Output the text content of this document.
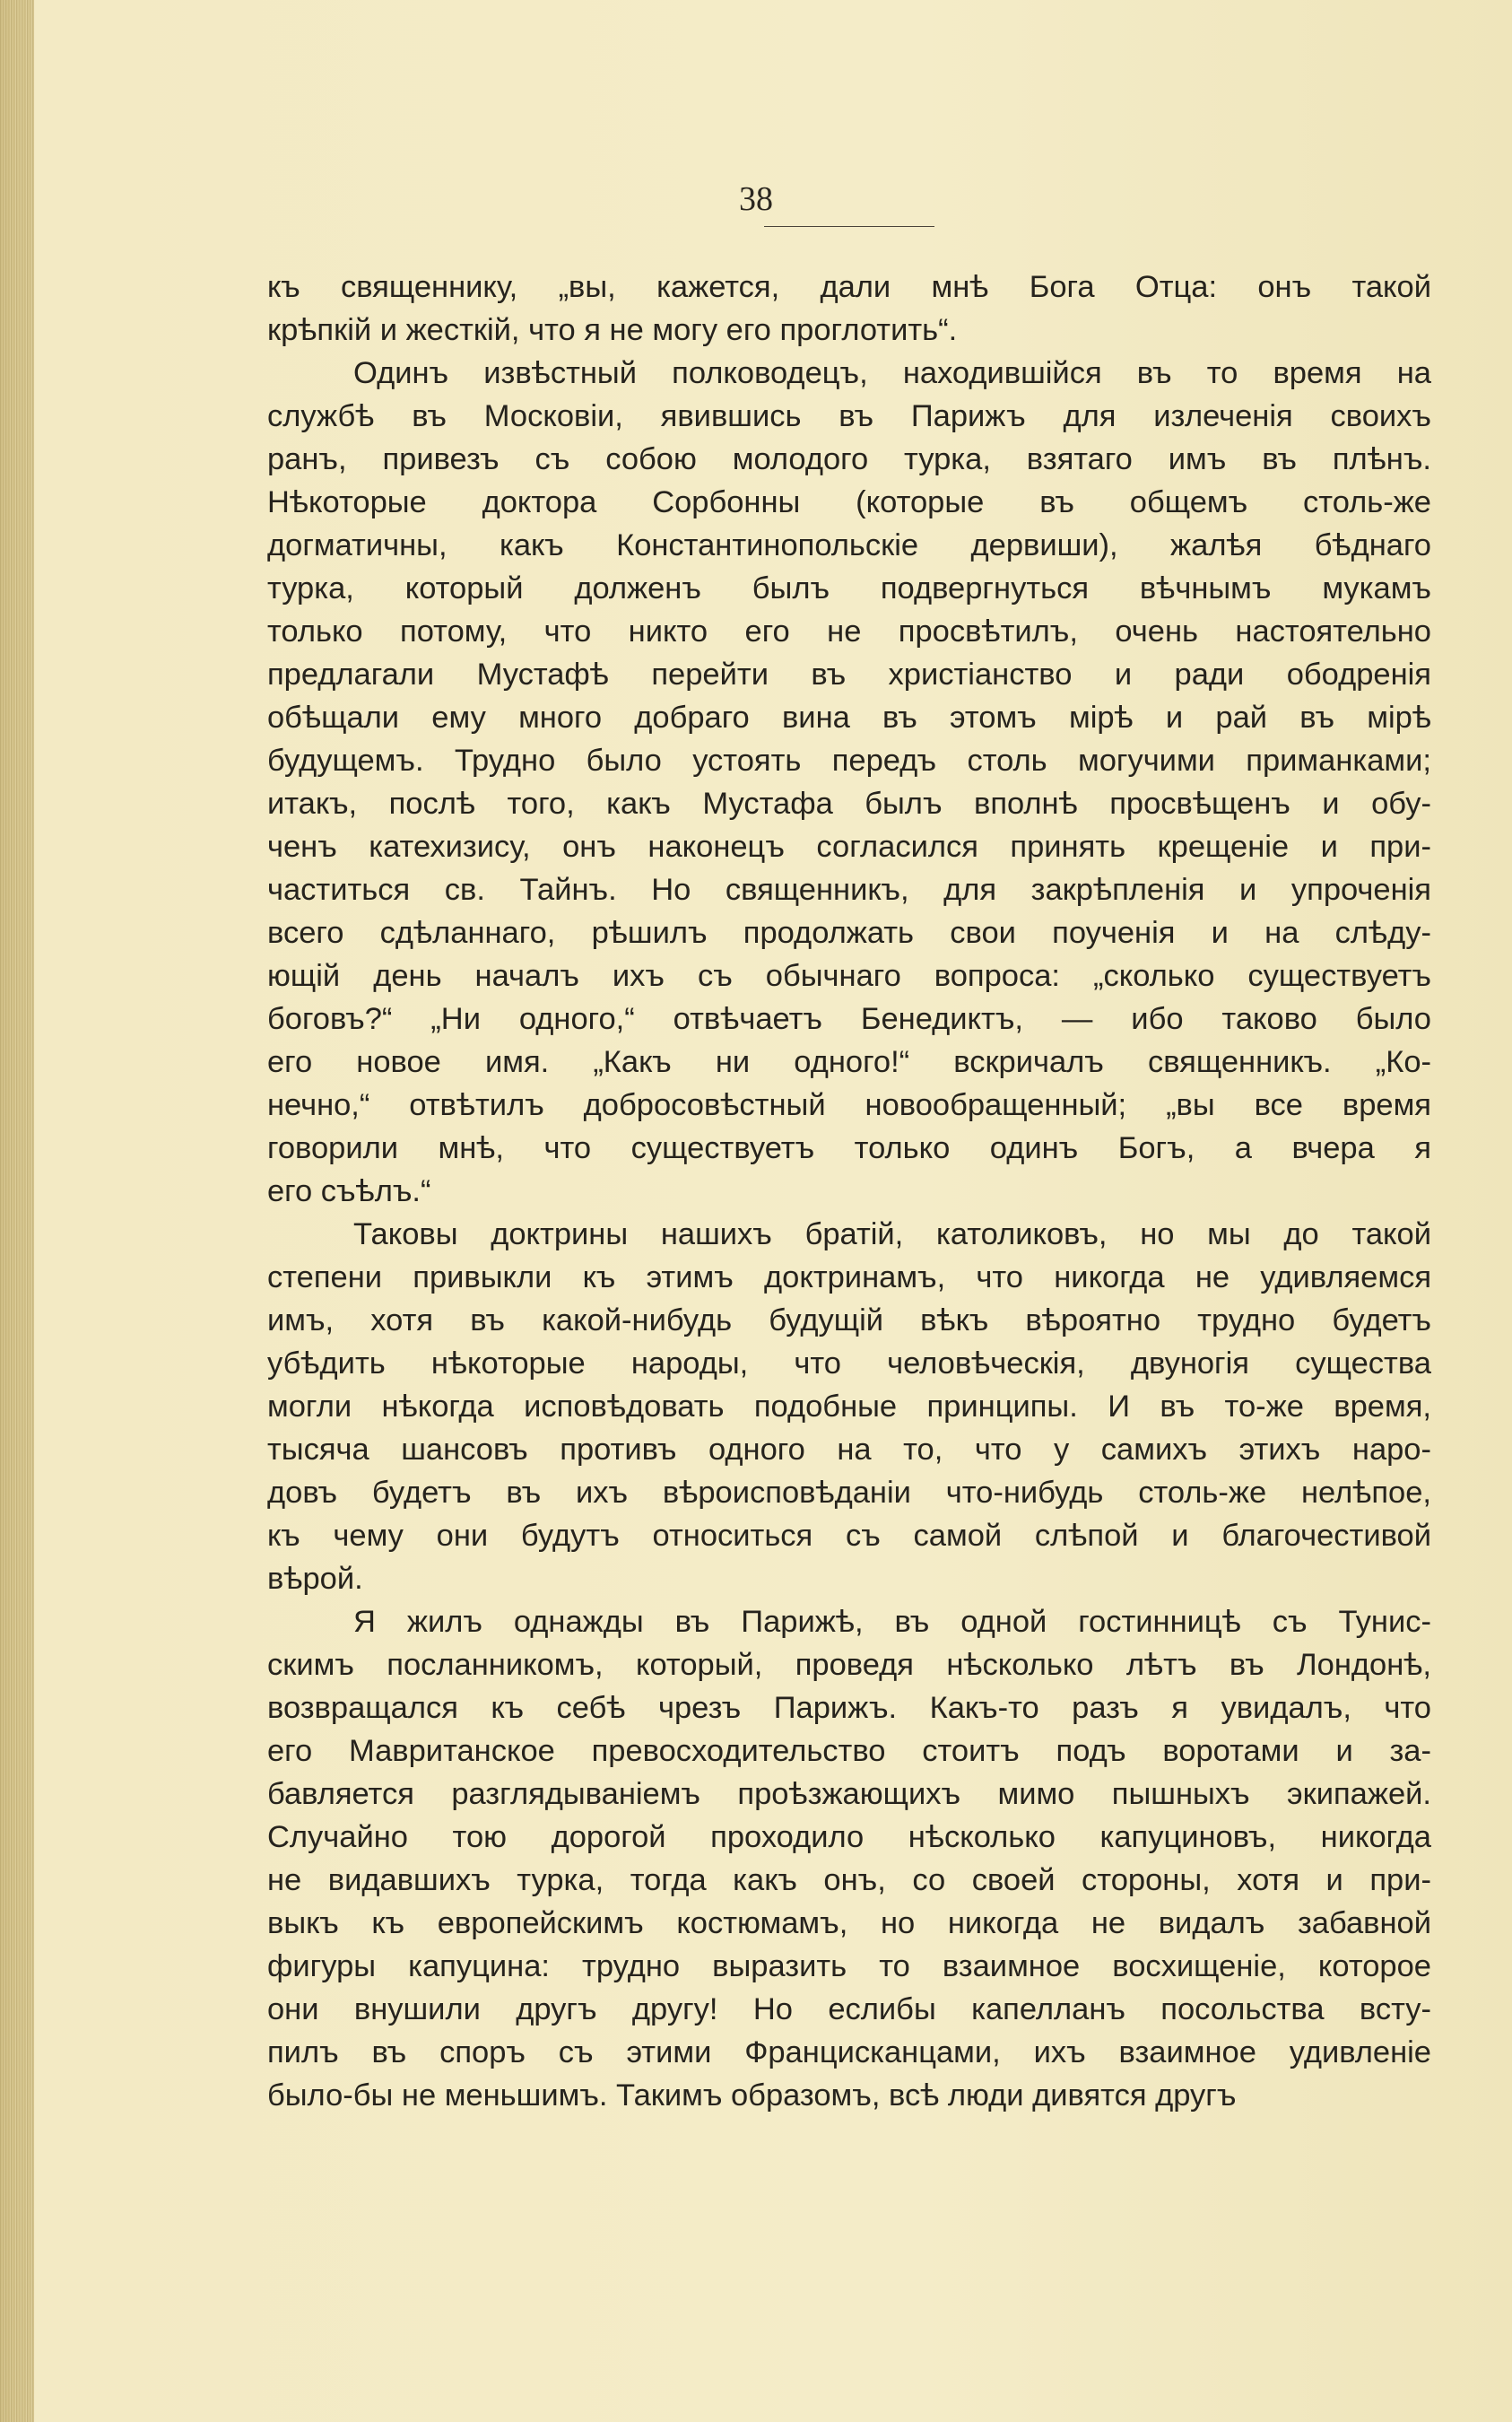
38
къ священнику, „вы, кажется, дали мнѣ Бога Отца: онъ такой
крѣпкій и жесткій, что я не могу его проглотить“.
Одинъ извѣстный полководецъ, находившійся въ то время на
службѣ въ Московіи, явившись въ Парижъ для излеченія своихъ
ранъ, привезъ съ собою молодого турка, взятаго имъ въ плѣнъ.
Нѣкоторые доктора Сорбонны (которые въ общемъ столь-же
догматичны, какъ Константинопольскіе дервиши), жалѣя бѣднаго
турка, который долженъ былъ подвергнуться вѣчнымъ мукамъ
только потому, что никто его не просвѣтилъ, очень настоятельно
предлагали Мустафѣ перейти въ христіанство и ради ободренія
обѣщали ему много добраго вина въ этомъ мірѣ и рай въ мірѣ
будущемъ. Трудно было устоять передъ столь могучими приманками;
итакъ, послѣ того, какъ Мустафа былъ вполнѣ просвѣщенъ и обу-
ченъ катехизису, онъ наконецъ согласился принять крещеніе и при-
частиться св. Тайнъ. Но священникъ, для закрѣпленія и упроченія
всего сдѣланнаго, рѣшилъ продолжать свои поученія и на слѣду-
ющій день началъ ихъ съ обычнаго вопроса: „сколько существуетъ
боговъ?“ „Ни одного,“ отвѣчаетъ Бенедиктъ, — ибо таково было
его новое имя. „Какъ ни одного!“ вскричалъ священникъ. „Ко-
нечно,“ отвѣтилъ добросовѣстный новообращенный; „вы все время
говорили мнѣ, что существуетъ только одинъ Богъ, а вчера я
его съѣлъ.“
Таковы доктрины нашихъ братій, католиковъ, но мы до такой
степени привыкли къ этимъ доктринамъ, что никогда не удивляемся
имъ, хотя въ какой-нибудь будущій вѣкъ вѣроятно трудно будетъ
убѣдить нѣкоторые народы, что человѣческія, двуногія существа
могли нѣкогда исповѣдовать подобные принципы. И въ то-же время,
тысяча шансовъ противъ одного на то, что у самихъ этихъ наро-
довъ будетъ въ ихъ вѣроисповѣданіи что-нибудь столь-же нелѣпое,
къ чему они будутъ относиться съ самой слѣпой и благочестивой
вѣрой.
Я жилъ однажды въ Парижѣ, въ одной гостинницѣ съ Тунис-
скимъ посланникомъ, который, проведя нѣсколько лѣтъ въ Лондонѣ,
возвращался къ себѣ чрезъ Парижъ. Какъ-то разъ я увидалъ, что
его Мавританское превосходительство стоитъ подъ воротами и за-
бавляется разглядываніемъ проѣзжающихъ мимо пышныхъ экипажей.
Случайно тою дорогой проходило нѣсколько капуциновъ, никогда
не видавшихъ турка, тогда какъ онъ, со своей стороны, хотя и при-
выкъ къ европейскимъ костюмамъ, но никогда не видалъ забавной
фигуры капуцина: трудно выразить то взаимное восхищеніе, которое
они внушили другъ другу! Но еслибы капелланъ посольства всту-
пилъ въ споръ съ этими Францисканцами, ихъ взаимное удивленіе
было-бы не меньшимъ. Такимъ образомъ, всѣ люди дивятся другъ
